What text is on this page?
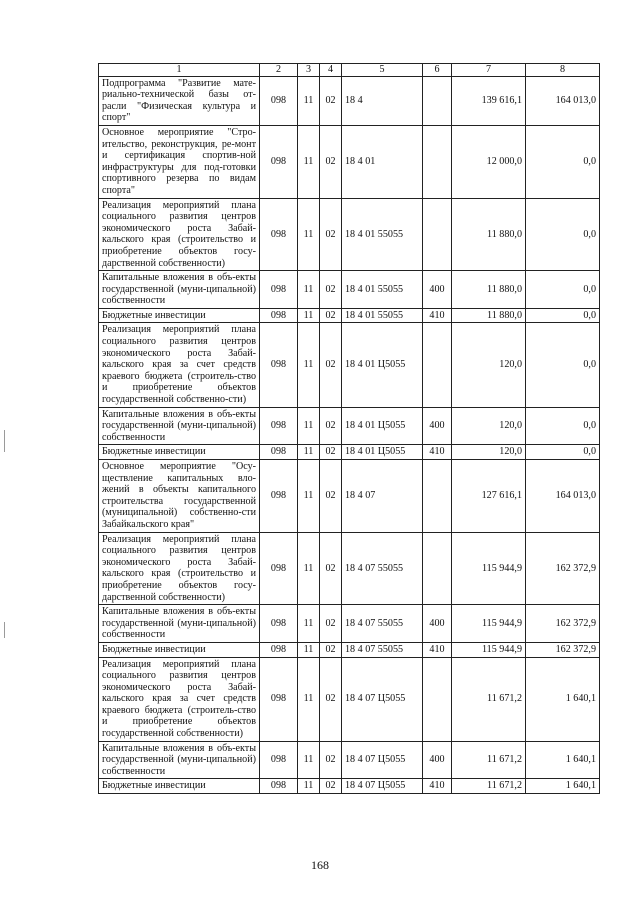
1	2	3	4	5	6	7	8
Подпрограмма "Развитие мате-риально-технической базы от-расли "Физическая культура и спорт"	098	11	02	18 4		139 616,1	164 013,0
Основное мероприятие "Стро-ительство, реконструкция, ре-монт и сертификация спортив-ной инфраструктуры для под-готовки спортивного резерва по видам спорта"	098	11	02	18 4 01		12 000,0	0,0
Реализация мероприятий плана социального развития центров экономического роста Забай-кальского края (строительство и приобретение объектов госу-дарственной собственности)	098	11	02	18 4 01 55055		11 880,0	0,0
Капитальные вложения в объ-екты государственной (муни-ципальной) собственности	098	11	02	18 4 01 55055	400	11 880,0	0,0
Бюджетные инвестиции	098	11	02	18 4 01 55055	410	11 880,0	0,0
Реализация мероприятий плана социального развития центров экономического роста Забай-кальского края за счет средств краевого бюджета (строитель-ство и приобретение объектов государственной собственно-сти)	098	11	02	18 4 01 Ц5055		120,0	0,0
Капитальные вложения в объ-екты государственной (муни-ципальной) собственности	098	11	02	18 4 01 Ц5055	400	120,0	0,0
Бюджетные инвестиции	098	11	02	18 4 01 Ц5055	410	120,0	0,0
Основное мероприятие "Осу-ществление капитальных вло-жений в объекты капитального строительства государственной (муниципальной) собственно-сти Забайкальского края"	098	11	02	18 4 07		127 616,1	164 013,0
Реализация мероприятий плана социального развития центров экономического роста Забай-кальского края (строительство и приобретение объектов госу-дарственной собственности)	098	11	02	18 4 07 55055		115 944,9	162 372,9
Капитальные вложения в объ-екты государственной (муни-ципальной) собственности	098	11	02	18 4 07 55055	400	115 944,9	162 372,9
Бюджетные инвестиции	098	11	02	18 4 07 55055	410	115 944,9	162 372,9
Реализация мероприятий плана социального развития центров экономического роста Забай-кальского края за счет средств краевого бюджета (строитель-ство и приобретение объектов государственной собственности)	098	11	02	18 4 07 Ц5055		11 671,2	1 640,1
Капитальные вложения в объ-екты государственной (муни-ципальной) собственности	098	11	02	18 4 07 Ц5055	400	11 671,2	1 640,1
Бюджетные инвестиции	098	11	02	18 4 07 Ц5055	410	11 671,2	1 640,1
168
